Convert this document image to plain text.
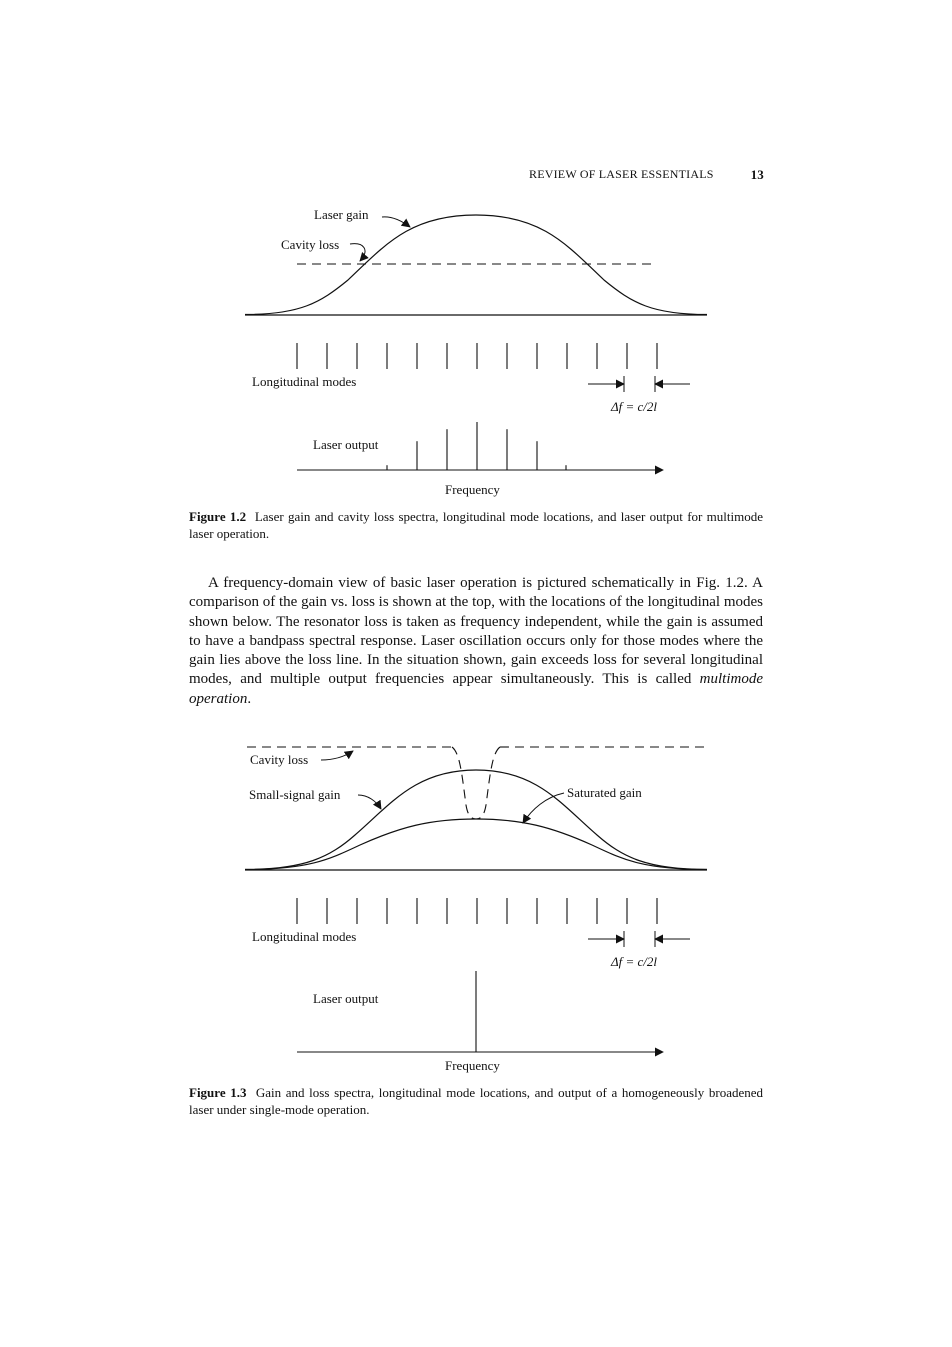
REVIEW OF LASER ESSENTIALS	13
Laser gain
Cavity loss
Longitudinal modes
Δf = c/2l
Laser output
Frequency
Figure 1.2 Laser gain and cavity loss spectra, longitudinal mode locations, and laser output for multimode laser operation.
A frequency-domain view of basic laser operation is pictured schematically in Fig. 1.2. A comparison of the gain vs. loss is shown at the top, with the locations of the longitudinal modes shown below. The resonator loss is taken as frequency independent, while the gain is assumed to have a bandpass spectral response. Laser oscillation occurs only for those modes where the gain lies above the loss line. In the situation shown, gain exceeds loss for several longitudinal modes, and multiple output frequencies appear simultaneously. This is called multimode operation.
Cavity loss
Small-signal gain	Saturated gain
Longitudinal modes
Δf = c/2l
Laser output
Frequency
Figure 1.3 Gain and loss spectra, longitudinal mode locations, and output of a homogeneously broadened laser under single-mode operation.
